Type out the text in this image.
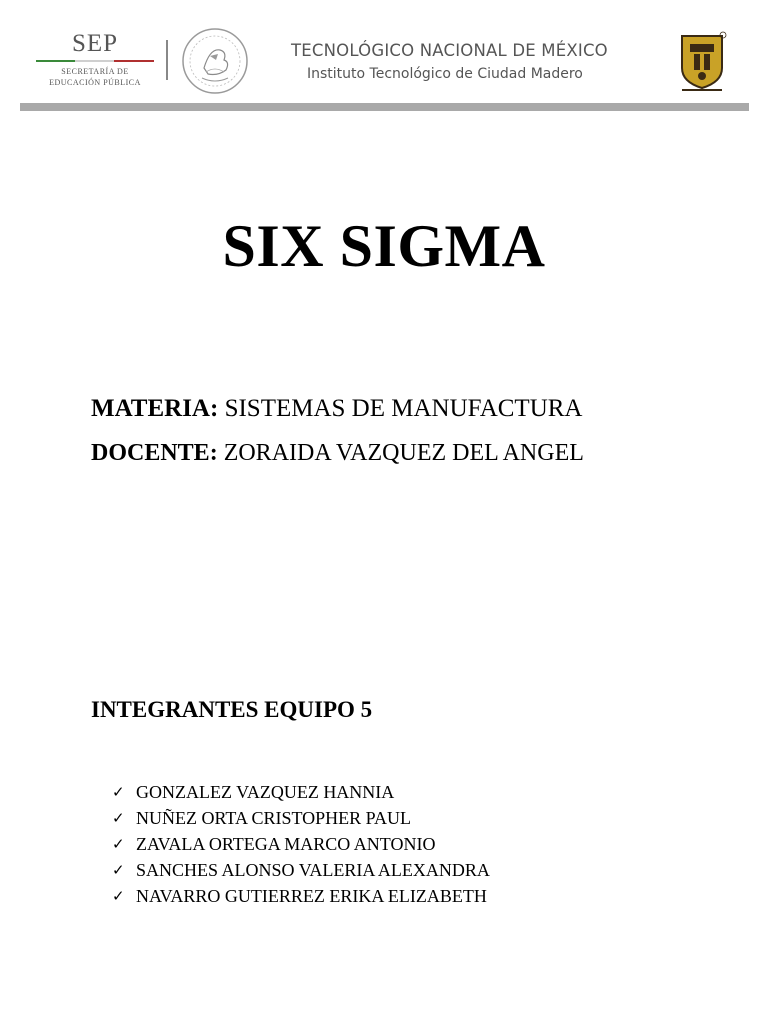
SEP
SECRETARÍA DE
EDUCACIÓN PÚBLICA
TECNOLÓGICO NACIONAL DE MÉXICO
Instituto Tecnológico de Ciudad Madero
SIX SIGMA
MATERIA: SISTEMAS DE MANUFACTURA
DOCENTE: ZORAIDA VAZQUEZ DEL ANGEL
INTEGRANTES EQUIPO 5
✓ GONZALEZ VAZQUEZ HANNIA
✓ NUÑEZ ORTA CRISTOPHER PAUL
✓ ZAVALA ORTEGA MARCO ANTONIO
✓ SANCHES ALONSO VALERIA ALEXANDRA
✓ NAVARRO GUTIERREZ ERIKA ELIZABETH
